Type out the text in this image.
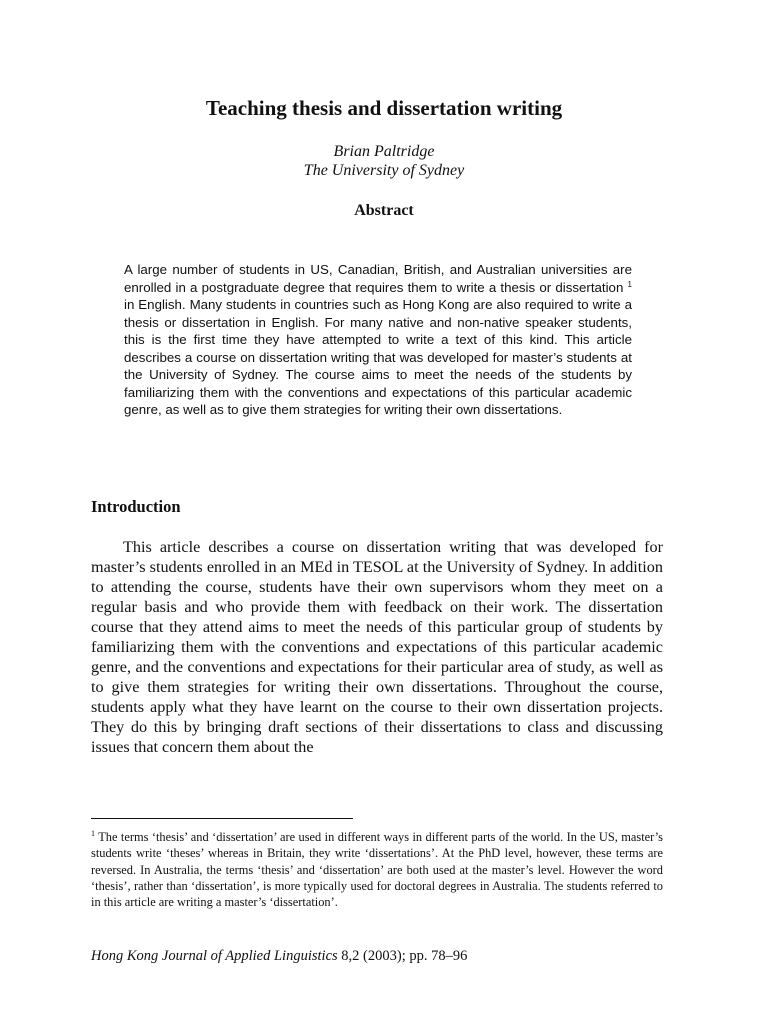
Teaching thesis and dissertation writing

Brian Paltridge

The University of Sydney

Abstract

A large number of students in US, Canadian, British, and Australian universities are enrolled in a postgraduate degree that requires them to write a thesis or dissertation $^1$ in English. Many students in countries such as Hong Kong are also required to write a thesis or dissertation in English. For many native and non-native speaker students, this is the first time they have attempted to write a text of this kind. This article describes a course on dissertation writing that was developed for master’s students at the University of Sydney. The course aims to meet the needs of the students by familiarizing them with the conventions and expectations of this particular academic genre, as well as to give them strategies for writing their own dissertations.

Introduction

This article describes a course on dissertation writing that was developed for master’s students enrolled in an MEd in TESOL at the University of Sydney. In addition to attending the course, students have their own supervisors whom they meet on a regular basis and who provide them with feedback on their work. The dissertation course that they attend aims to meet the needs of this particular group of students by familiarizing them with the conventions and expectations of this particular academic genre, and the conventions and expectations for their particular area of study, as well as to give them strategies for writing their own dissertations. Throughout the course, students apply what they have learnt on the course to their own dissertation projects. They do this by bringing draft sections of their dissertations to class and discussing issues that concern them about the

$^1$ The terms ‘thesis’ and ‘dissertation’ are used in different ways in different parts of the world. In the US, master’s students write ‘theses’ whereas in Britain, they write ‘dissertations’. At the PhD level, however, these terms are reversed. In Australia, the terms ‘thesis’ and ‘dissertation’ are both used at the master’s level. However the word ‘thesis’, rather than ‘dissertation’, is more typically used for doctoral degrees in Australia. The students referred to in this article are writing a master’s ‘dissertation’.

Hong Kong Journal of Applied Linguistics 8,2 (2003); pp. 78–96
